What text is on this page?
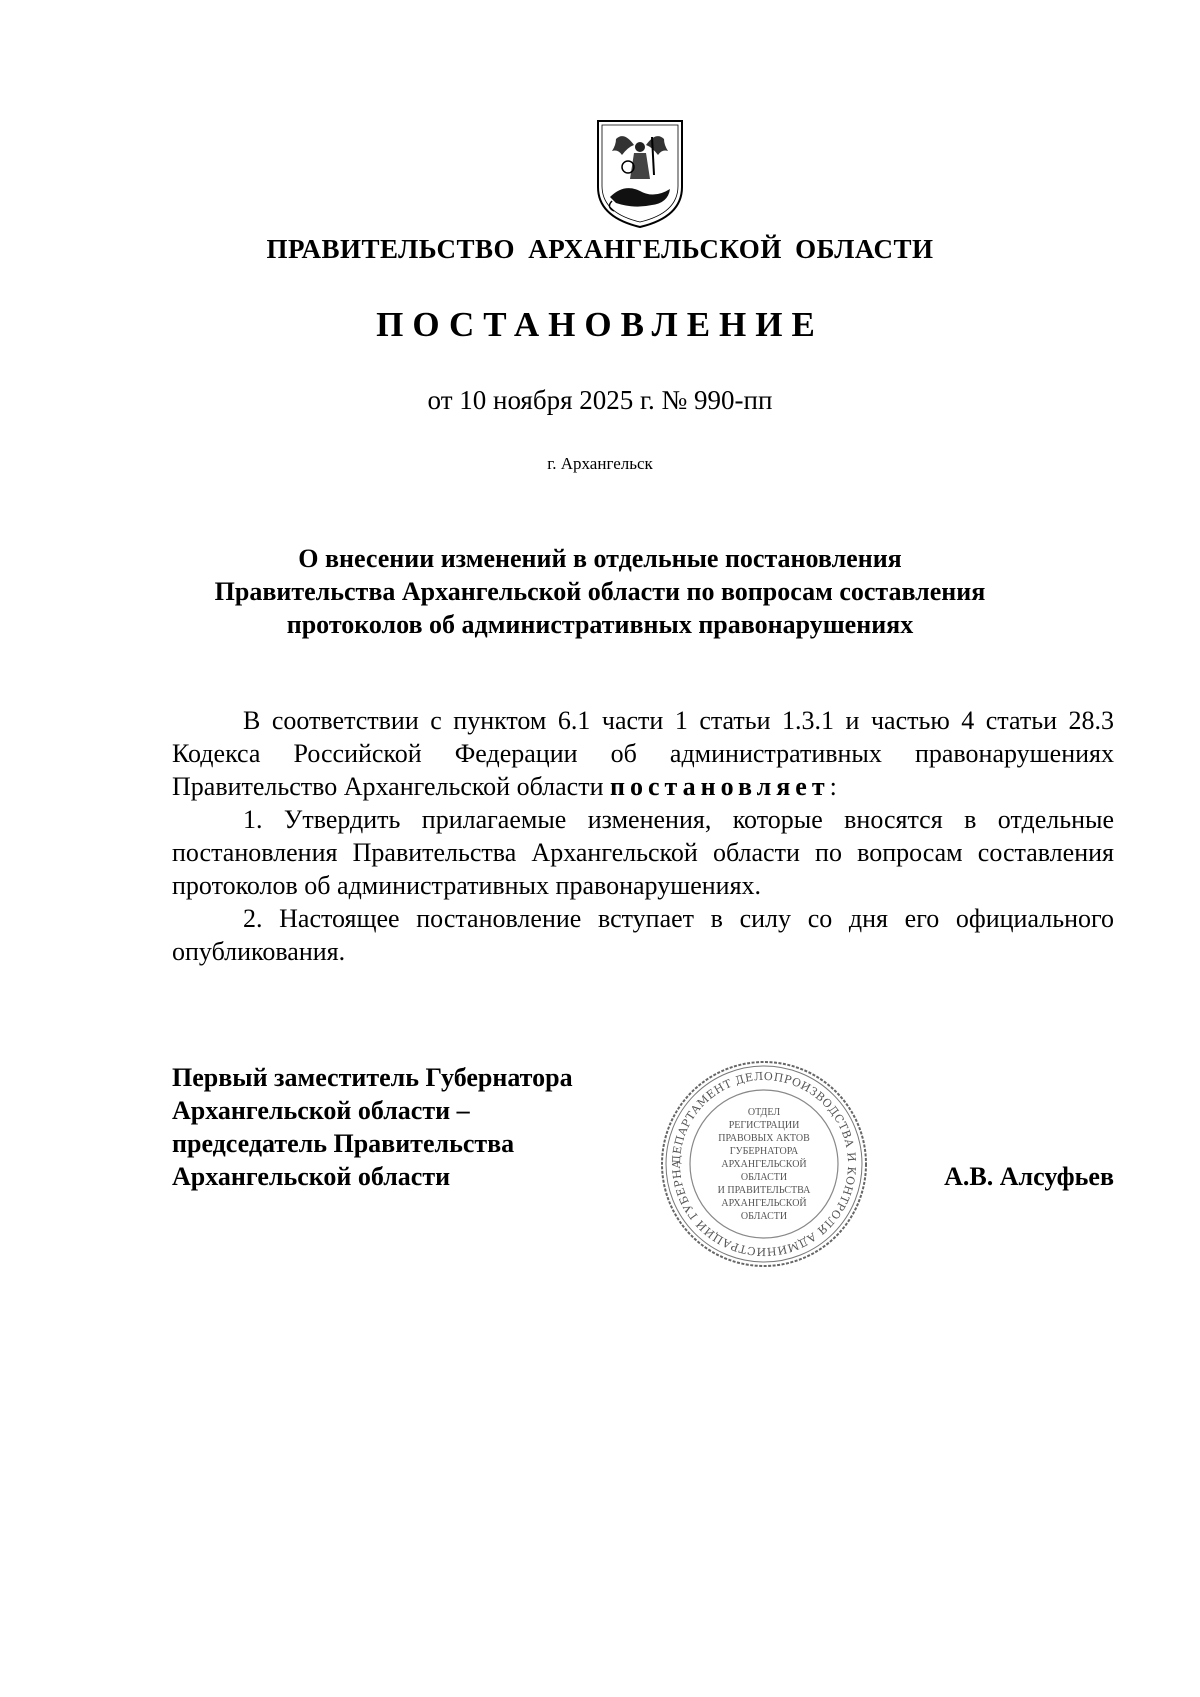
ПРАВИТЕЛЬСТВО АРХАНГЕЛЬСКОЙ ОБЛАСТИ
ПОСТАНОВЛЕНИЕ
от 10 ноября 2025 г. № 990-пп
г. Архангельск
О внесении изменений в отдельные постановления
Правительства Архангельской области по вопросам составления
протоколов об административных правонарушениях

В соответствии с пунктом 6.1 части 1 статьи 1.3.1 и частью 4 статьи 28.3 Кодекса Российской Федерации об административных правонарушениях Правительство Архангельской области постановляет:

1. Утвердить прилагаемые изменения, которые вносятся в отдельные постановления Правительства Архангельской области по вопросам составления протоколов об административных правонарушениях.

2. Настоящее постановление вступает в силу со дня его официального опубликования.

Первый заместитель Губернатора
Архангельской области –
председатель Правительства
Архангельской области
ДЕПАРТАМЕНТ ДЕЛОПРОИЗВОДСТВА И КОНТРОЛЯ АДМИНИСТРАЦИИ ГУБЕРНА
ОТДЕЛ
РЕГИСТРАЦИИ
ПРАВОВЫХ АКТОВ
ГУБЕРНАТОРА
АРХАНГЕЛЬСКОЙ
ОБЛАСТИ
И ПРАВИТЕЛЬСТВА
АРХАНГЕЛЬСКОЙ
ОБЛАСТИ
А.В. Алсуфьев
